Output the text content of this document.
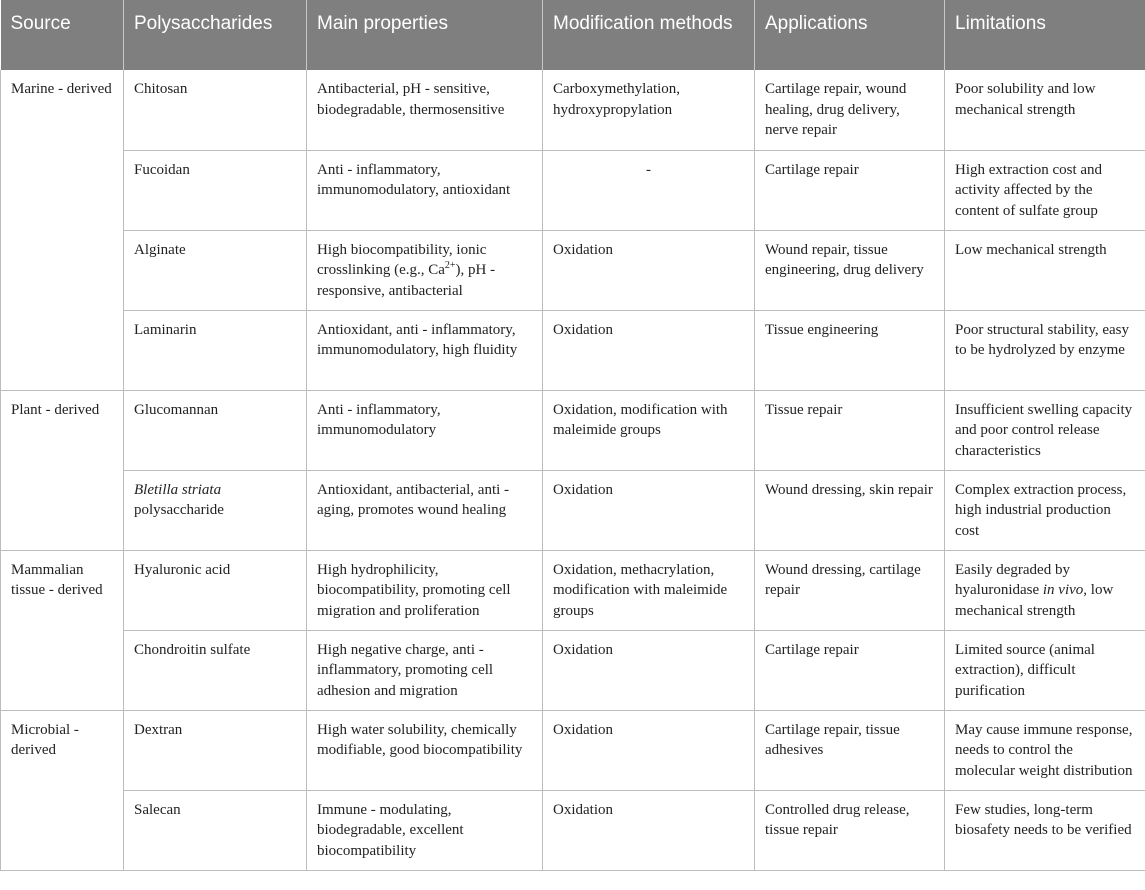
Source	Polysaccharides	Main properties	Modification methods	Applications	Limitations
Marine - derived	Chitosan	Antibacterial, pH - sensitive, biodegradable, thermosensitive	Carboxymethylation, hydroxypropylation	Cartilage repair, wound healing, drug delivery, nerve repair	Poor solubility and low mechanical strength
	Fucoidan	Anti - inflammatory, immunomodulatory, antioxidant	-	Cartilage repair	High extraction cost and activity affected by the content of sulfate group
	Alginate	High biocompatibility, ionic crosslinking (e.g., $Ca^{2+}$), pH - responsive, antibacterial	Oxidation	Wound repair, tissue engineering, drug delivery	Low mechanical strength
	Laminarin	Antioxidant, anti - inflammatory, immunomodulatory, high fluidity	Oxidation	Tissue engineering	Poor structural stability, easy to be hydrolyzed by enzyme
Plant - derived	Glucomannan	Anti - inflammatory, immunomodulatory	Oxidation, modification with maleimide groups	Tissue repair	Insufficient swelling capacity and poor control release characteristics
	Bletilla striata polysaccharide	Antioxidant, antibacterial, anti - aging, promotes wound healing	Oxidation	Wound dressing, skin repair	Complex extraction process, high industrial production cost
Mammalian tissue - derived	Hyaluronic acid	High hydrophilicity, biocompatibility, promoting cell migration and proliferation	Oxidation, methacrylation, modification with maleimide groups	Wound dressing, cartilage repair	Easily degraded by hyaluronidase in vivo, low mechanical strength
	Chondroitin sulfate	High negative charge, anti - inflammatory, promoting cell adhesion and migration	Oxidation	Cartilage repair	Limited source (animal extraction), difficult purification
Microbial - derived	Dextran	High water solubility, chemically modifiable, good biocompatibility	Oxidation	Cartilage repair, tissue adhesives	May cause immune response, needs to control the molecular weight distribution
	Salecan	Immune - modulating, biodegradable, excellent biocompatibility	Oxidation	Controlled drug release, tissue repair	Few studies, long-term biosafety needs to be verified
